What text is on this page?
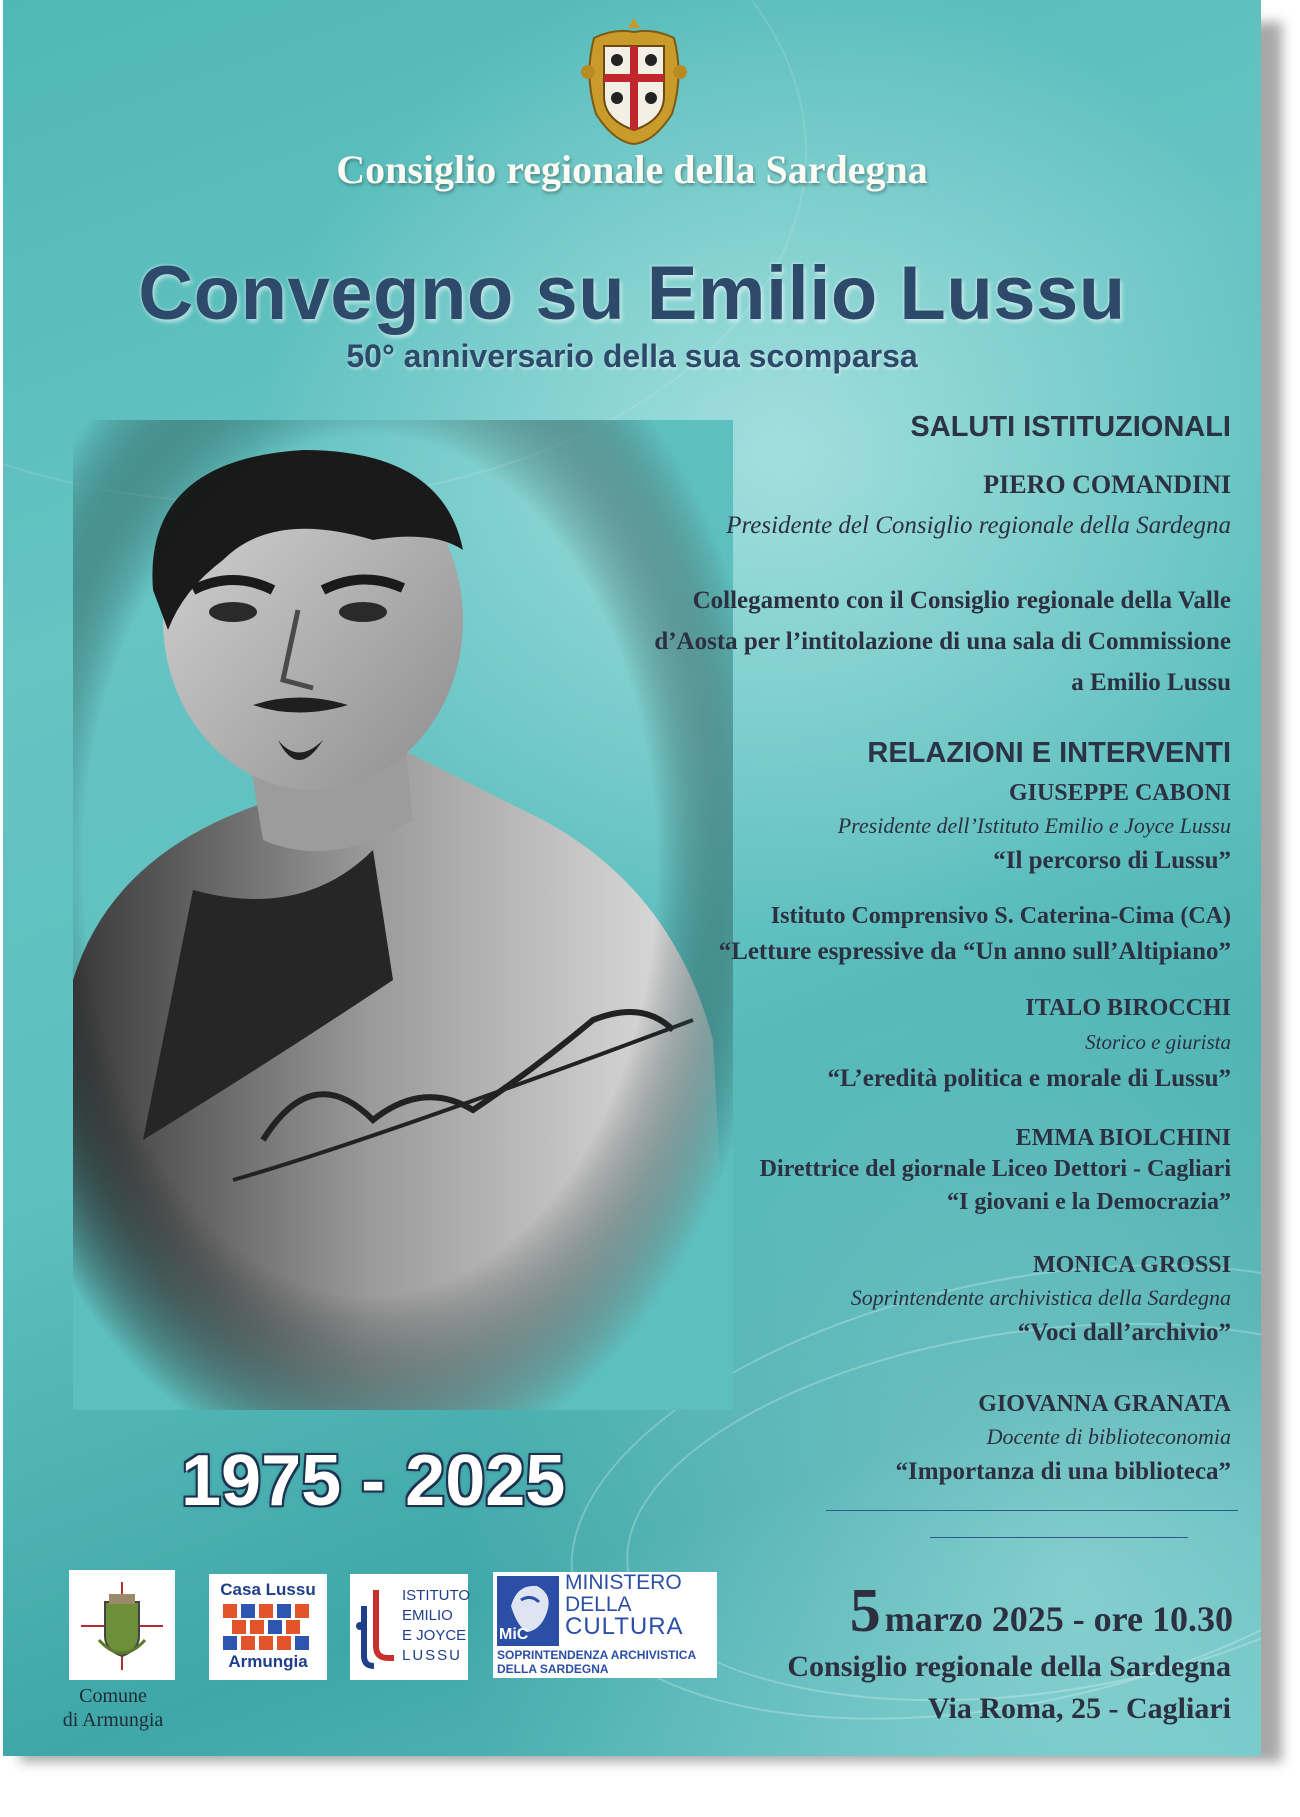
Consiglio regionale della Sardegna
Convegno su Emilio Lussu
50° anniversario della sua scomparsa
1975 - 2025
SALUTI ISTITUZIONALI
PIERO COMANDINI
Presidente del Consiglio regionale della Sardegna
Collegamento con il Consiglio regionale della Valle
d’Aosta per l’intitolazione di una sala di Commissione
a Emilio Lussu
RELAZIONI E INTERVENTI
GIUSEPPE CABONI
Presidente dell’Istituto Emilio e Joyce Lussu
“Il percorso di Lussu”
Istituto Comprensivo S. Caterina-Cima (CA)
“Letture espressive da “Un anno sull’Altipiano”
ITALO BIROCCHI
Storico e giurista
“L’eredità politica e morale di Lussu”
EMMA BIOLCHINI
Direttrice del giornale Liceo Dettori - Cagliari
“I giovani e la Democrazia”
MONICA GROSSI
Soprintendente archivistica della Sardegna
“Voci dall’archivio”
GIOVANNA GRANATA
Docente di biblioteconomia
“Importanza di una biblioteca”
Comune
di Armungia
Casa Lussu
Armungia
ISTITUTO
EMILIO
E JOYCE
LUSSU
MiC
MINISTERO
DELLA
CULTURA
SOPRINTENDENZA ARCHIVISTICA
DELLA SARDEGNA
5 marzo 2025 - ore 10.30
Consiglio regionale della Sardegna
Via Roma, 25 - Cagliari
